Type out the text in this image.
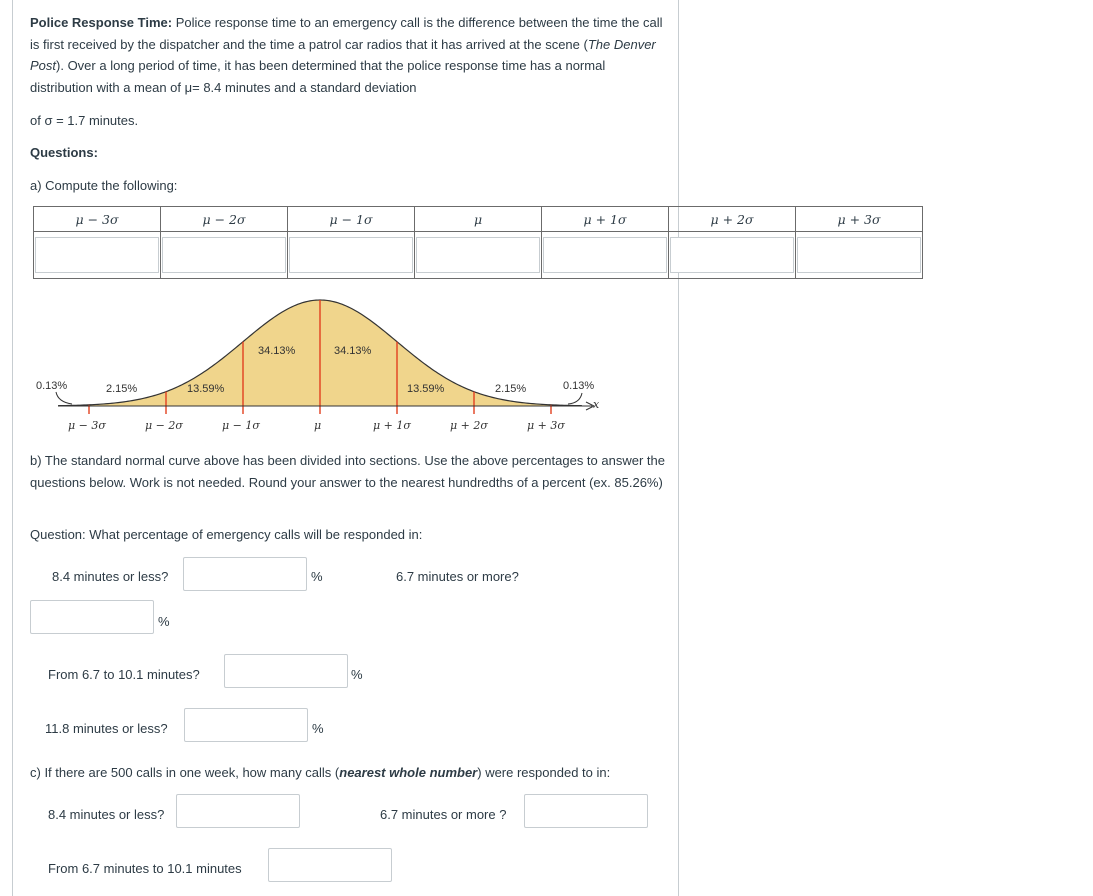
Police Response Time: Police response time to an emergency call is the difference between the time the call is first received by the dispatcher and the time a patrol car radios that it has arrived at the scene (The Denver Post). Over a long period of time, it has been determined that the police response time has a normal distribution with a mean of μ= 8.4 minutes and a standard deviation
of σ = 1.7 minutes.
Questions:
a) Compute the following:
μ − 3σ	μ − 2σ	μ − 1σ	μ	μ + 1σ	μ + 2σ	μ + 3σ

x
0.13%	2.15%	13.59%
34.13%	34.13%
13.59%	2.15%	0.13%
μ − 3σ	μ − 2σ	μ − 1σ	μ	μ + 1σ	μ + 2σ	μ + 3σ
b) The standard normal curve above has been divided into sections. Use the above percentages to answer the questions below. Work is not needed. Round your answer to the nearest hundredths of a percent (ex. 85.26%)
Question: What percentage of emergency calls will be responded in:
8.4 minutes or less?	%	6.7 minutes or more?
%
From 6.7 to 10.1 minutes?	%
11.8 minutes or less?	%
c) If there are 500 calls in one week, how many calls (nearest whole number) were responded to in:
8.4 minutes or less?	6.7 minutes or more ?
From 6.7 minutes to 10.1 minutes
